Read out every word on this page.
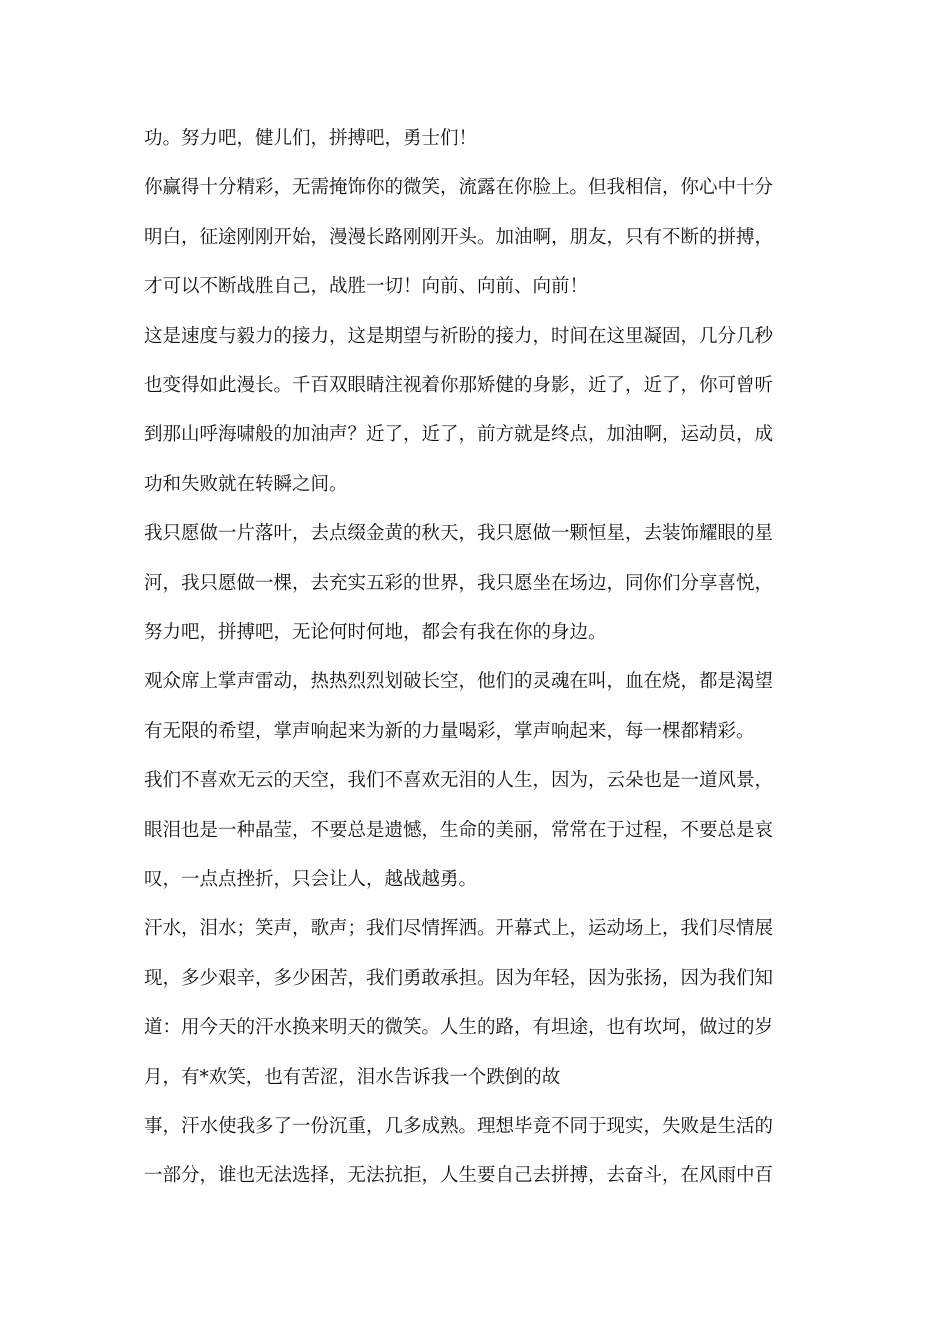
功。努力吧，健儿们，拼搏吧，勇士们！
你赢得十分精彩，无需掩饰你的微笑，流露在你脸上。但我相信，你心中十分
明白，征途刚刚开始，漫漫长路刚刚开头。加油啊，朋友，只有不断的拼搏，
才可以不断战胜自己，战胜一切！向前、向前、向前！
这是速度与毅力的接力，这是期望与祈盼的接力，时间在这里凝固，几分几秒
也变得如此漫长。千百双眼睛注视着你那矫健的身影，近了，近了，你可曾听
到那山呼海啸般的加油声？近了，近了，前方就是终点，加油啊，运动员，成
功和失败就在转瞬之间。
我只愿做一片落叶，去点缀金黄的秋天，我只愿做一颗恒星，去装饰耀眼的星
河，我只愿做一棵，去充实五彩的世界，我只愿坐在场边，同你们分享喜悦，
努力吧，拼搏吧，无论何时何地，都会有我在你的身边。
观众席上掌声雷动，热热烈烈划破长空，他们的灵魂在叫，血在烧，都是渴望
有无限的希望，掌声响起来为新的力量喝彩，掌声响起来，每一棵都精彩。
我们不喜欢无云的天空，我们不喜欢无泪的人生，因为，云朵也是一道风景，
眼泪也是一种晶莹，不要总是遗憾，生命的美丽，常常在于过程，不要总是哀
叹，一点点挫折，只会让人，越战越勇。
汗水，泪水；笑声，歌声；我们尽情挥洒。开幕式上，运动场上，我们尽情展
现，多少艰辛，多少困苦，我们勇敢承担。因为年轻，因为张扬，因为我们知
道：用今天的汗水换来明天的微笑。人生的路，有坦途，也有坎坷，做过的岁
月，有*欢笑，也有苦涩，泪水告诉我一个跌倒的故
事，汗水使我多了一份沉重，几多成熟。理想毕竟不同于现实，失败是生活的
一部分，谁也无法选择，无法抗拒，人生要自己去拼搏，去奋斗，在风雨中百
